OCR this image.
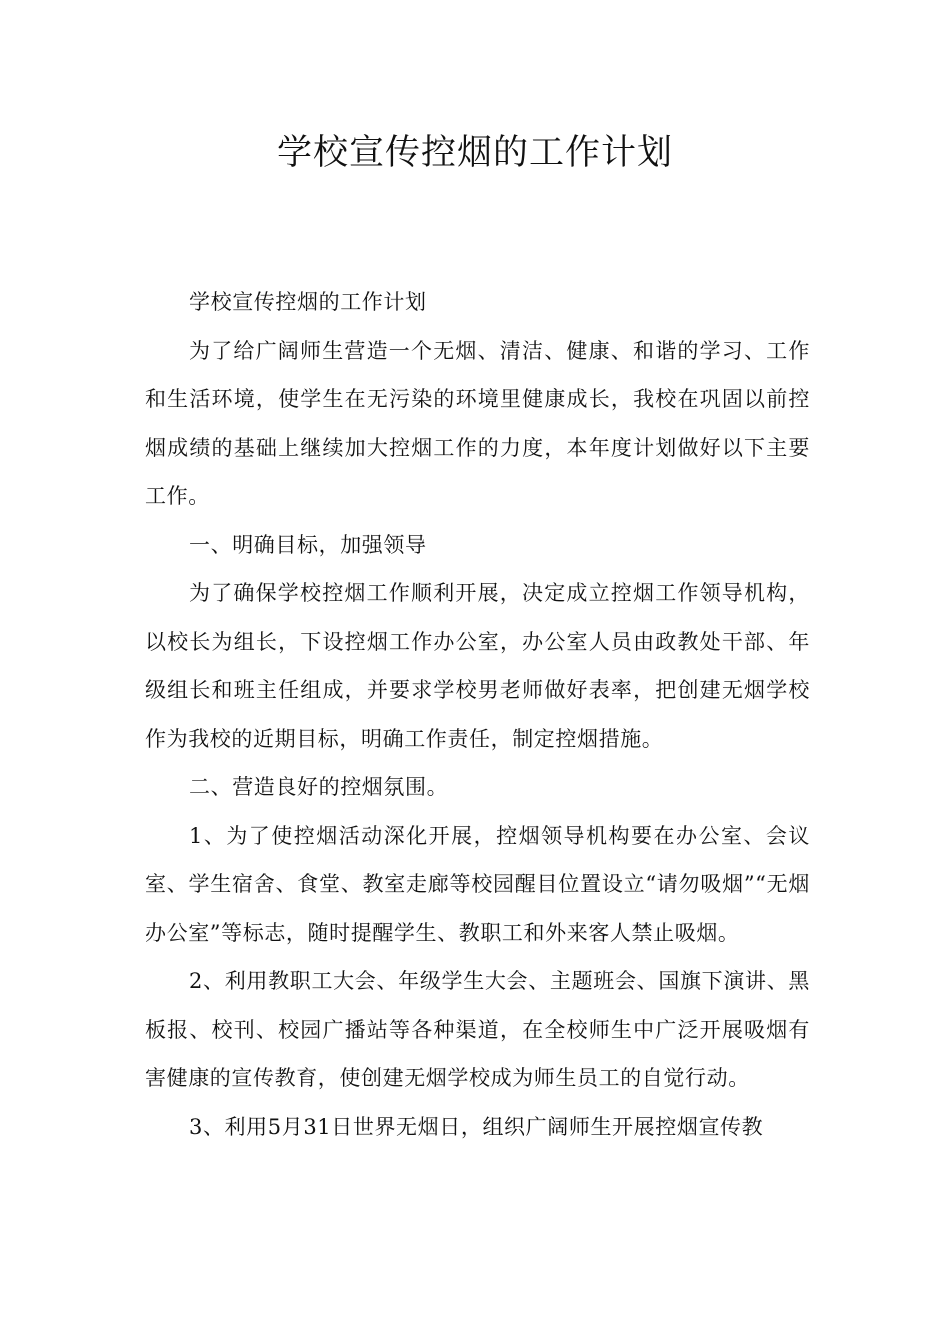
学校宣传控烟的工作计划

学校宣传控烟的工作计划

为了给广阔师生营造一个无烟、清洁、健康、和谐的学习、工作和生活环境，使学生在无污染的环境里健康成长，我校在巩固以前控烟成绩的基础上继续加大控烟工作的力度，本年度计划做好以下主要工作。

一、明确目标，加强领导

为了确保学校控烟工作顺利开展，决定成立控烟工作领导机构，以校长为组长，下设控烟工作办公室，办公室人员由政教处干部、年级组长和班主任组成，并要求学校男老师做好表率，把创建无烟学校作为我校的近期目标，明确工作责任，制定控烟措施。

二、营造良好的控烟氛围。

1、为了使控烟活动深化开展，控烟领导机构要在办公室、会议室、学生宿舍、食堂、教室走廊等校园醒目位置设立“请勿吸烟”“无烟办公室”等标志，随时提醒学生、教职工和外来客人禁止吸烟。

2、利用教职工大会、年级学生大会、主题班会、国旗下演讲、黑板报、校刊、校园广播站等各种渠道，在全校师生中广泛开展吸烟有害健康的宣传教育，使创建无烟学校成为师生员工的自觉行动。

3、利用5月31日世界无烟日，组织广阔师生开展控烟宣传教
